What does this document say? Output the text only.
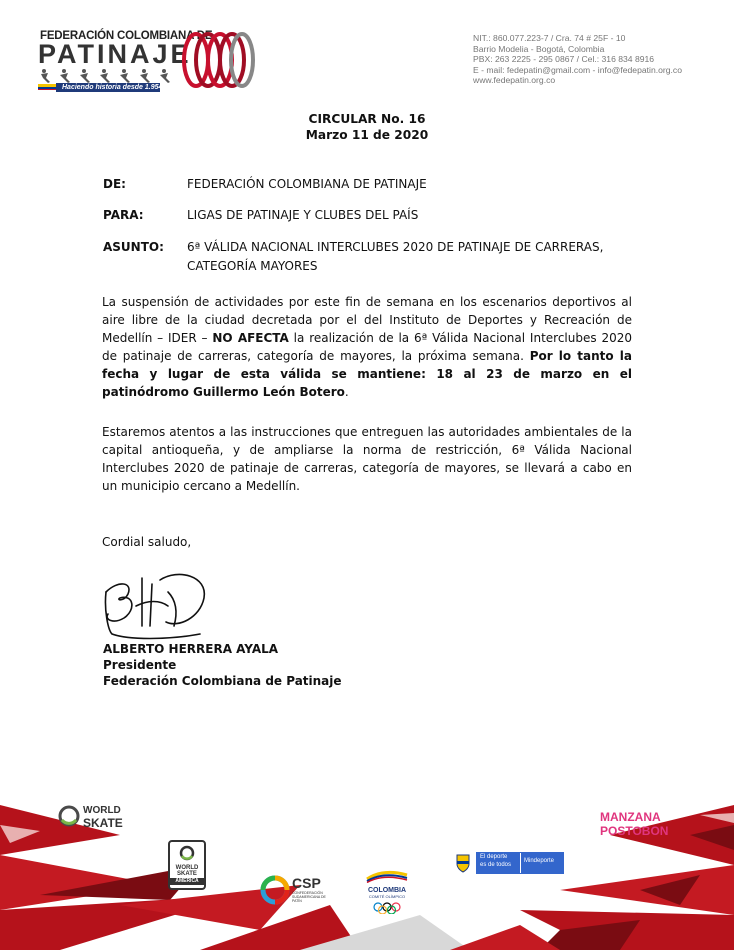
FEDERACIÓN COLOMBIANA DE
PATINAJE
Haciendo historia desde 1.954
NIT.: 860.077.223-7 / Cra. 74 # 25F - 10
Barrio Modelia - Bogotá, Colombia
PBX: 263 2225 - 295 0867 / Cel.: 316 834 8916
E - mail: fedepatin@gmail.com - info@fedepatin.org.co
www.fedepatin.org.co
CIRCULAR No. 16
Marzo 11 de 2020
DE:	FEDERACIÓN COLOMBIANA DE PATINAJE
PARA:	LIGAS DE PATINAJE Y CLUBES DEL PAÍS
ASUNTO: 6ª VÁLIDA NACIONAL INTERCLUBES 2020 DE PATINAJE DE CARRERAS,
CATEGORÍA MAYORES
La suspensión de actividades por este fin de semana en los escenarios deportivos al aire libre de la ciudad decretada por el del Instituto de Deportes y Recreación de Medellín – IDER – NO AFECTA la realización de la 6ª Válida Nacional Interclubes 2020 de patinaje de carreras, categoría de mayores, la próxima semana. Por lo tanto la fecha y lugar de esta válida se mantiene: 18 al 23 de marzo en el patinódromo Guillermo León Botero.
Estaremos atentos a las instrucciones que entreguen las autoridades ambientales de la capital antioqueña, y de ampliarse la norma de restricción, 6ª Válida Nacional Interclubes 2020 de patinaje de carreras, categoría de mayores, se llevará a cabo en un municipio cercano a Medellín.
Cordial saludo,
ALBERTO HERRERA AYALA
Presidente
Federación Colombiana de Patinaje
WORLD
SKATE
WORLD
SKATE
AMÉRICA	CSP
CONFEDERACIÓN SUDAMERICANA DE PATÍN
COLOMBIA
COMITÉ OLÍMPICO
El deporte
es de todos
Mindeporte
MANZANA
POSTOBON
